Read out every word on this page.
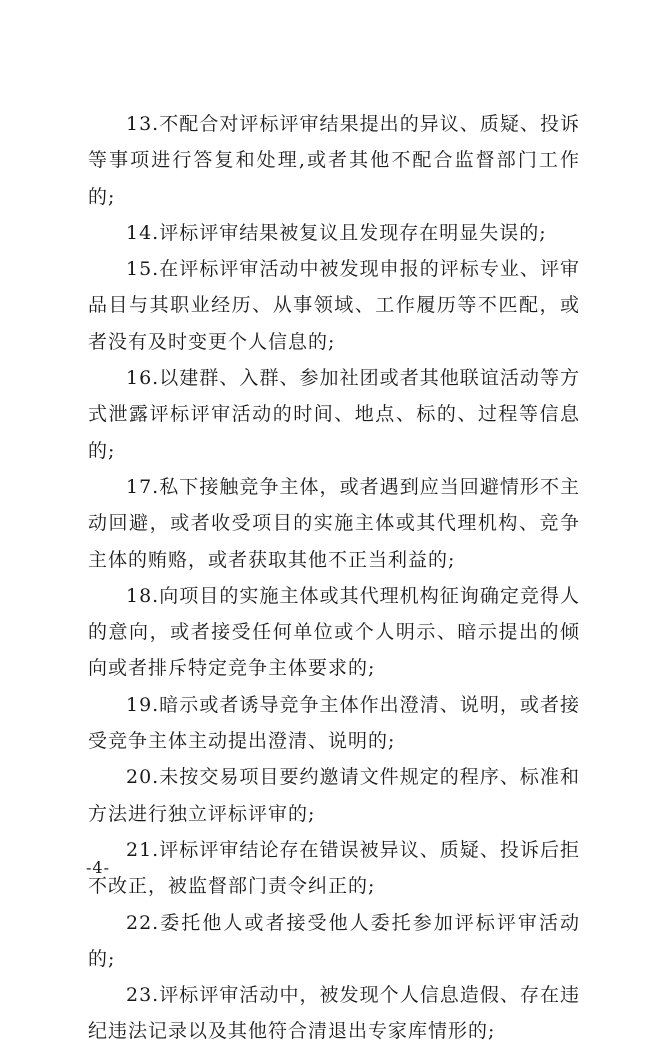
13.不配合对评标评审结果提出的异议、质疑、投诉等事项进行答复和处理,或者其他不配合监督部门工作的;

14.评标评审结果被复议且发现存在明显失误的;

15.在评标评审活动中被发现申报的评标专业、评审品目与其职业经历、从事领域、工作履历等不匹配，或者没有及时变更个人信息的;

16.以建群、入群、参加社团或者其他联谊活动等方式泄露评标评审活动的时间、地点、标的、过程等信息的;

17.私下接触竞争主体，或者遇到应当回避情形不主动回避，或者收受项目的实施主体或其代理机构、竞争主体的贿赂，或者获取其他不正当利益的;

18.向项目的实施主体或其代理机构征询确定竞得人的意向，或者接受任何单位或个人明示、暗示提出的倾向或者排斥特定竞争主体要求的;

19.暗示或者诱导竞争主体作出澄清、说明，或者接受竞争主体主动提出澄清、说明的;

20.未按交易项目要约邀请文件规定的程序、标准和方法进行独立评标评审的;

21.评标评审结论存在错误被异议、质疑、投诉后拒不改正，被监督部门责令纠正的;

22.委托他人或者接受他人委托参加评标评审活动的;

23.评标评审活动中，被发现个人信息造假、存在违纪违法记录以及其他符合清退出专家库情形的;

-4-
